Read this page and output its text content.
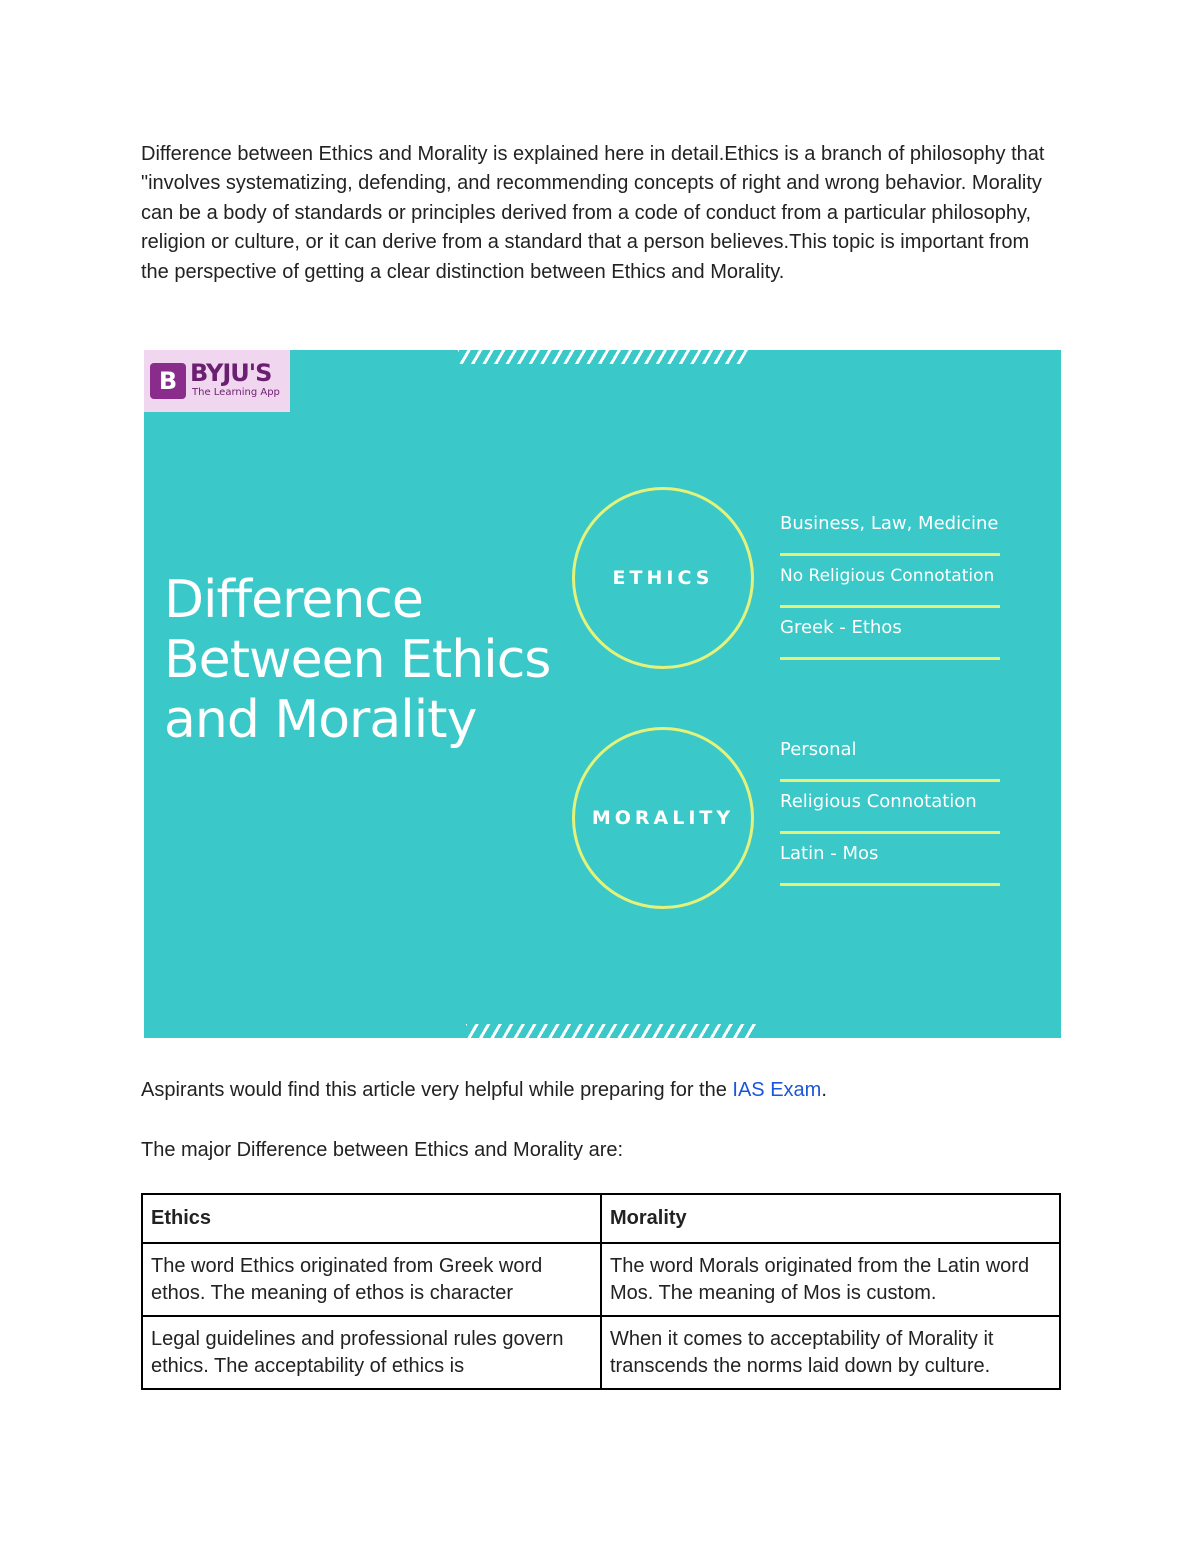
Difference between Ethics and Morality is explained here in detail.Ethics is a branch of philosophy that "involves systematizing, defending, and recommending concepts of right and wrong behavior. Morality can be a body of standards or principles derived from a code of conduct from a particular philosophy, religion or culture, or it can derive from a standard that a person believes.This topic is important from the perspective of getting a clear distinction between Ethics and Morality.

B BYJU'S
The Learning App
Difference
Between Ethics
and Morality
ETHICS
Business, Law, Medicine
No Religious Connotation
Greek - Ethos
MORALITY
Personal
Religious Connotation
Latin - Mos

Aspirants would find this article very helpful while preparing for the IAS Exam.

The major Difference between Ethics and Morality are:

Ethics	Morality
The word Ethics originated from Greek word ethos. The meaning of ethos is character	The word Morals originated from the Latin word Mos. The meaning of Mos is custom.
Legal guidelines and professional rules govern ethics. The acceptability of ethics is	When it comes to acceptability of Morality it transcends the norms laid down by culture.
